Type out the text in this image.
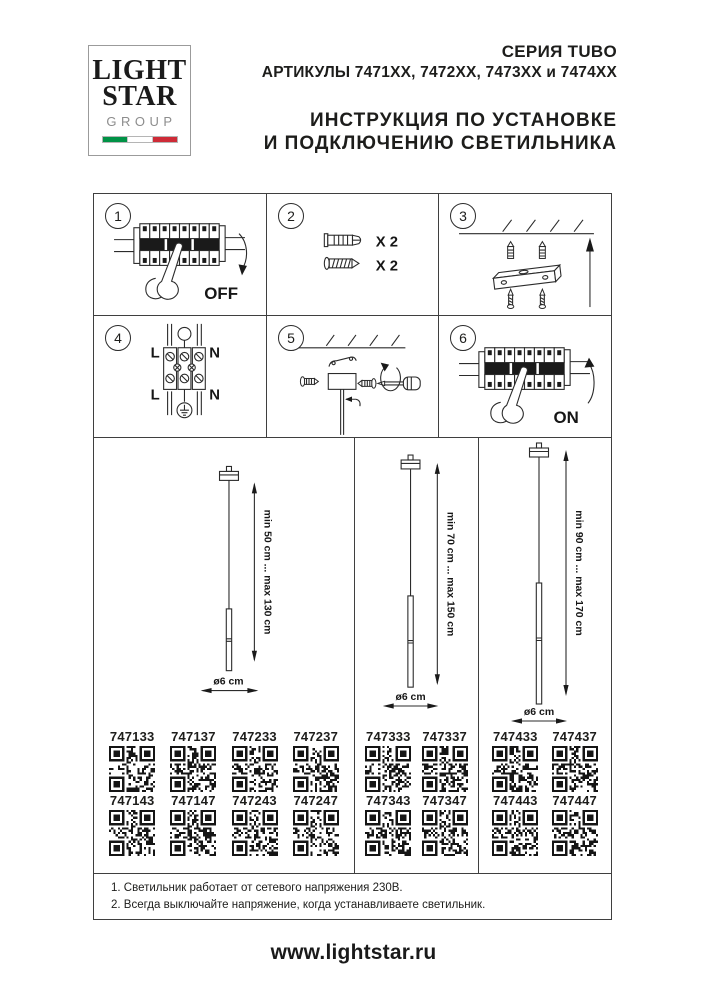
LIGHT
STAR
GROUP
СЕРИЯ TUBO
АРТИКУЛЫ 7471XX, 7472XX, 7473XX и 7474XX
ИНСТРУКЦИЯ ПО УСТАНОВКЕ
И ПОДКЛЮЧЕНИЮ СВЕТИЛЬНИКА
1
OFF
2
X 2
X 2
3
4
L	N
L	N
5	6
ON
min 50 cm ... max 130 cm
ø6 cm
747133 747137 747233 747237
747143 747147 747243 747247
min 70 cm ... max 150 cm
ø6 cm
747333 747337
747343 747347
min 90 cm ... max 170 cm
ø6 cm
747433 747437
747443 747447
1. Светильник работает от сетевого напряжения 230В.
2. Всегда выключайте напряжение, когда устанавливаете светильник.
www.lightstar.ru
